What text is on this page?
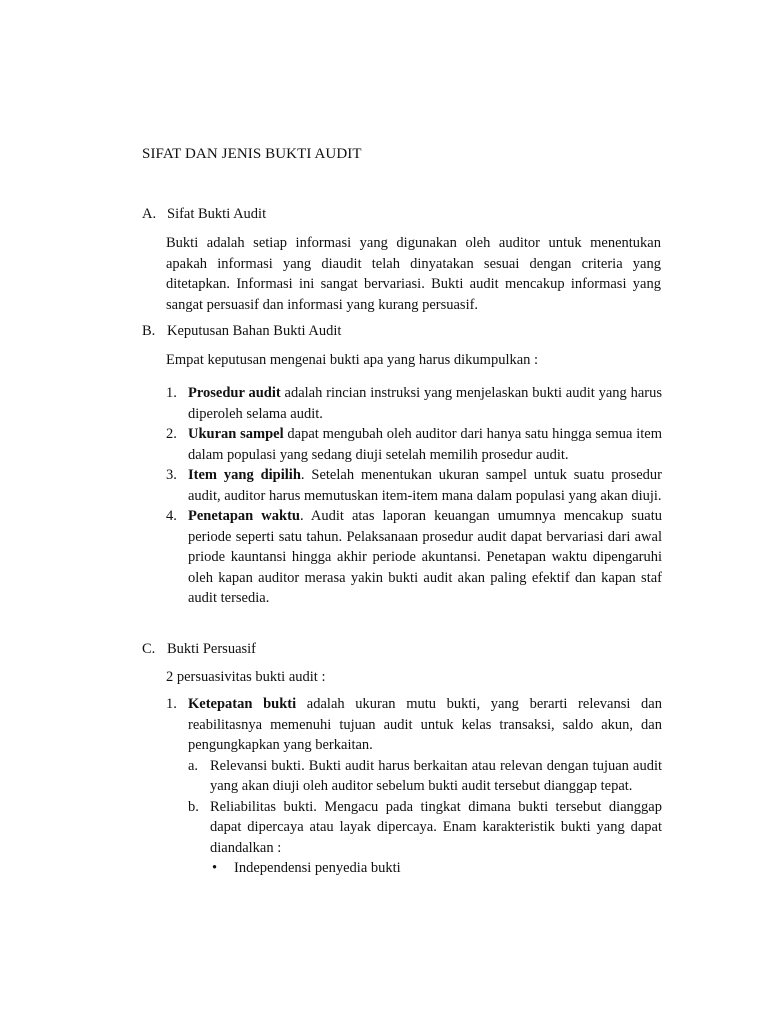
SIFAT DAN JENIS BUKTI AUDIT
A. Sifat Bukti Audit

Bukti adalah setiap informasi yang digunakan oleh auditor untuk menentukan apakah informasi yang diaudit telah dinyatakan sesuai dengan criteria yang ditetapkan. Informasi ini sangat bervariasi. Bukti audit mencakup informasi yang sangat persuasif dan informasi yang kurang persuasif.

B. Keputusan Bahan Bukti Audit

Empat keputusan mengenai bukti apa yang harus dikumpulkan :

1. Prosedur audit adalah rincian instruksi yang menjelaskan bukti audit yang harus diperoleh selama audit.
2. Ukuran sampel dapat mengubah oleh auditor dari hanya satu hingga semua item dalam populasi yang sedang diuji setelah memilih prosedur audit.
3. Item yang dipilih. Setelah menentukan ukuran sampel untuk suatu prosedur audit, auditor harus memutuskan item-item mana dalam populasi yang akan diuji.
4. Penetapan waktu. Audit atas laporan keuangan umumnya mencakup suatu periode seperti satu tahun. Pelaksanaan prosedur audit dapat bervariasi dari awal priode kauntansi hingga akhir periode akuntansi. Penetapan waktu dipengaruhi oleh kapan auditor merasa yakin bukti audit akan paling efektif dan kapan staf audit tersedia.
C. Bukti Persuasif

2 persuasivitas bukti audit :

1. Ketepatan bukti adalah ukuran mutu bukti, yang berarti relevansi dan reabilitasnya memenuhi tujuan audit untuk kelas transaksi, saldo akun, dan pengungkapkan yang berkaitan.
a. Relevansi bukti. Bukti audit harus berkaitan atau relevan dengan tujuan audit yang akan diuji oleh auditor sebelum bukti audit tersebut dianggap tepat.
b. Reliabilitas bukti. Mengacu pada tingkat dimana bukti tersebut dianggap dapat dipercaya atau layak dipercaya. Enam karakteristik bukti yang dapat diandalkan :
• Independensi penyedia bukti
